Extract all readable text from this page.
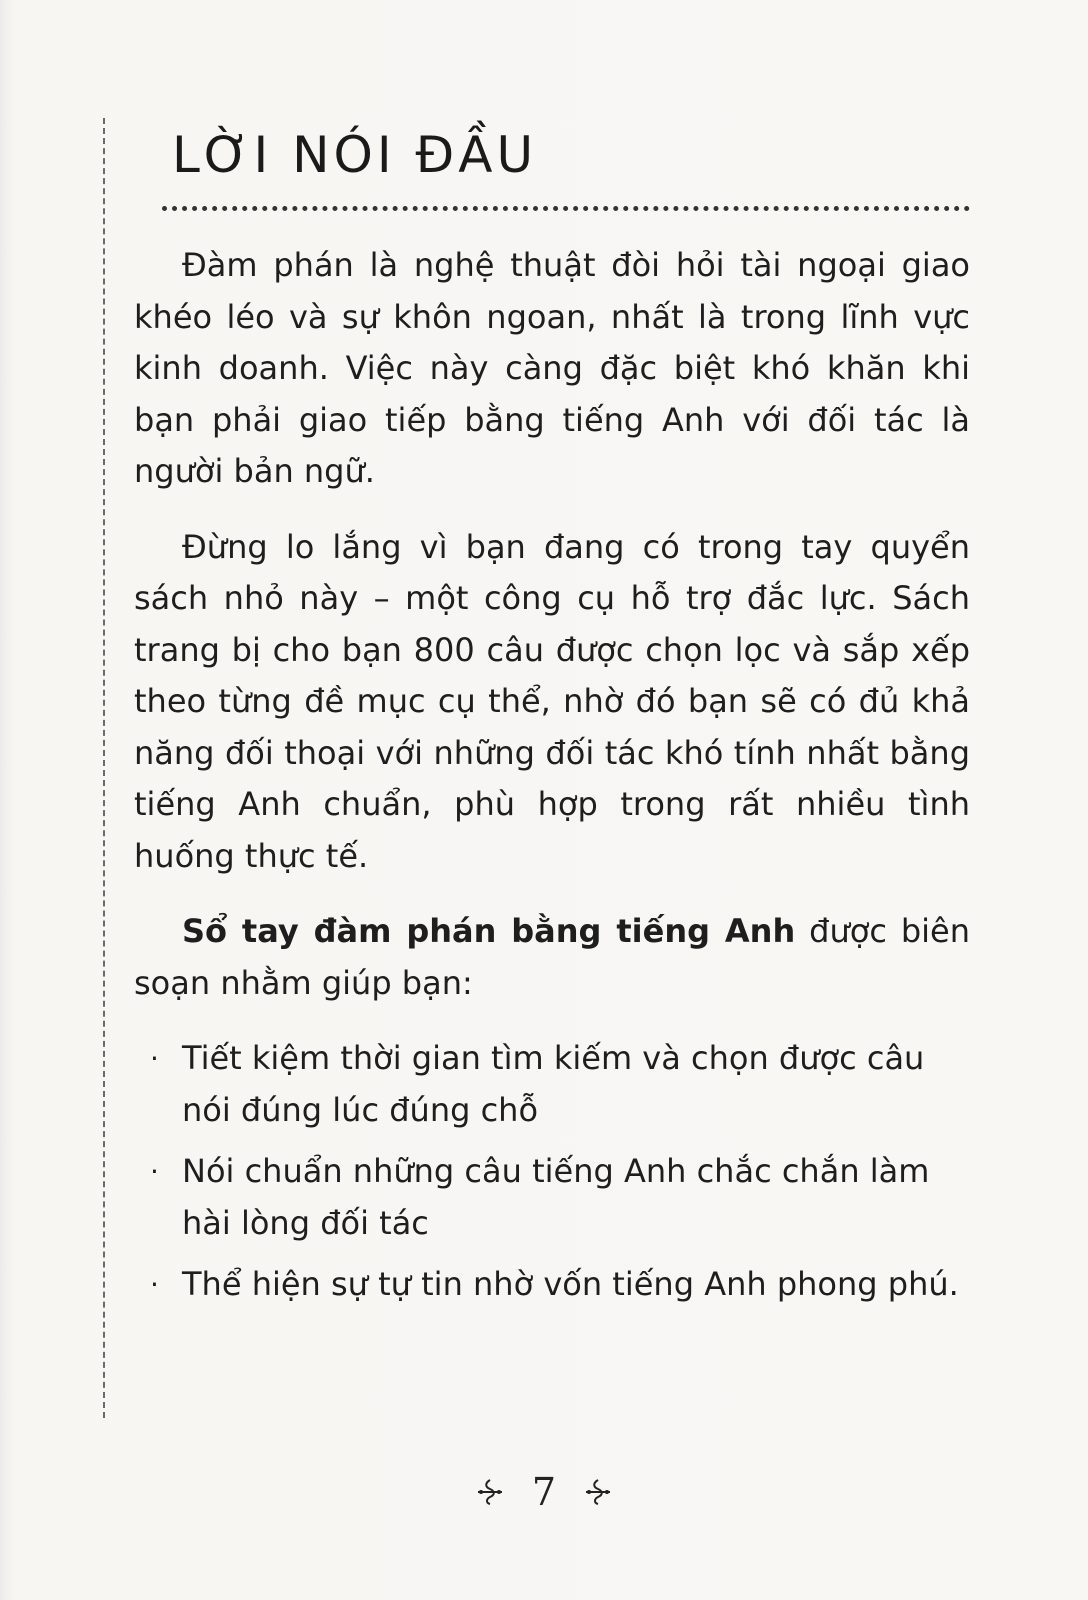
LỜI NÓI ĐẦU

Đàm phán là nghệ thuật đòi hỏi tài ngoại giao khéo léo và sự khôn ngoan, nhất là trong lĩnh vực kinh doanh. Việc này càng đặc biệt khó khăn khi bạn phải giao tiếp bằng tiếng Anh với đối tác là người bản ngữ.

Đừng lo lắng vì bạn đang có trong tay quyển sách nhỏ này – một công cụ hỗ trợ đắc lực. Sách trang bị cho bạn 800 câu được chọn lọc và sắp xếp theo từng đề mục cụ thể, nhờ đó bạn sẽ có đủ khả năng đối thoại với những đối tác khó tính nhất bằng tiếng Anh chuẩn, phù hợp trong rất nhiều tình huống thực tế.

Sổ tay đàm phán bằng tiếng Anh được biên soạn nhằm giúp bạn:

· Tiết kiệm thời gian tìm kiếm và chọn được câu nói đúng lúc đúng chỗ
· Nói chuẩn những câu tiếng Anh chắc chắn làm hài lòng đối tác
· Thể hiện sự tự tin nhờ vốn tiếng Anh phong phú.
7
